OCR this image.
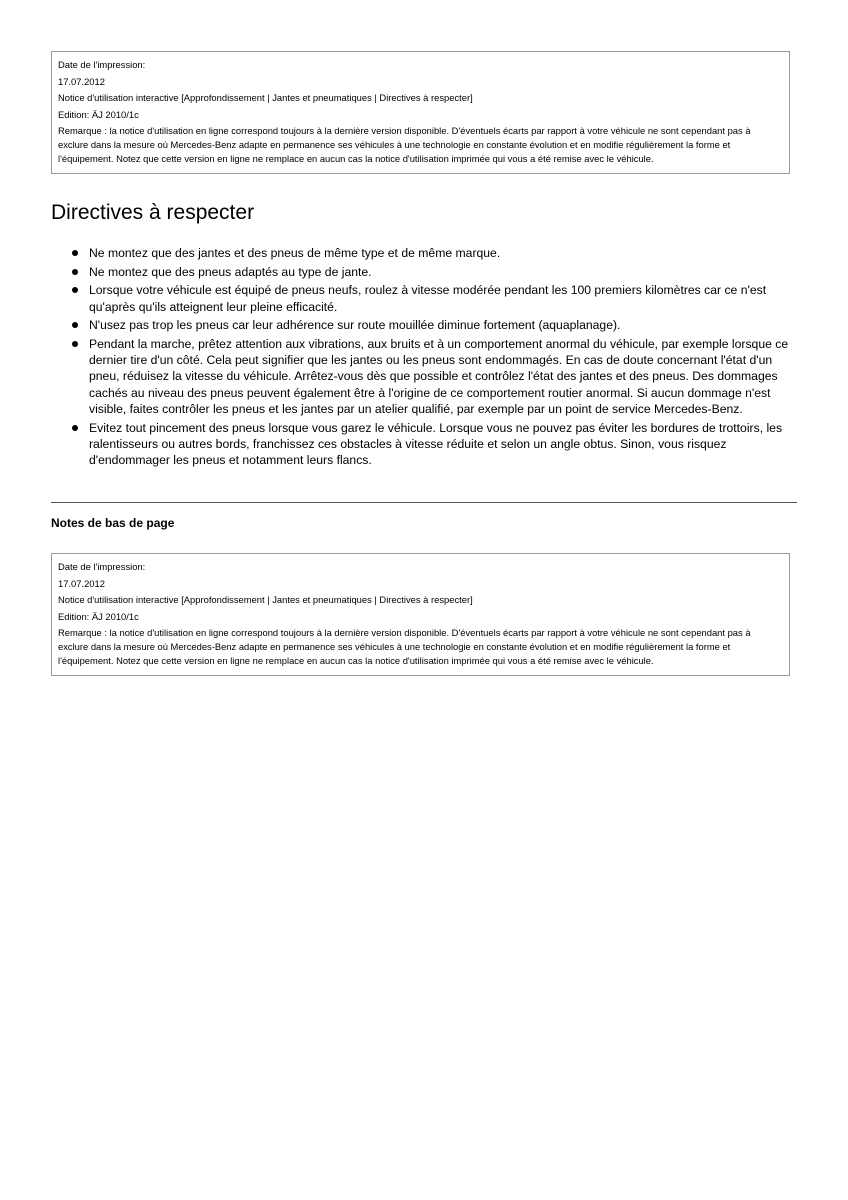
Date de l'impression:
17.07.2012
Notice d'utilisation interactive [Approfondissement | Jantes et pneumatiques | Directives à respecter]
Edition: ÄJ 2010/1c
Remarque : la notice d'utilisation en ligne correspond toujours à la dernière version disponible. D'éventuels écarts par rapport à votre véhicule ne sont cependant pas à exclure dans la mesure où Mercedes-Benz adapte en permanence ses véhicules à une technologie en constante évolution et en modifie régulièrement la forme et l'équipement. Notez que cette version en ligne ne remplace en aucun cas la notice d'utilisation imprimée qui vous a été remise avec le véhicule.
Directives à respecter
Ne montez que des jantes et des pneus de même type et de même marque.
Ne montez que des pneus adaptés au type de jante.
Lorsque votre véhicule est équipé de pneus neufs, roulez à vitesse modérée pendant les 100 premiers kilomètres car ce n'est qu'après qu'ils atteignent leur pleine efficacité.
N'usez pas trop les pneus car leur adhérence sur route mouillée diminue fortement (aquaplanage).
Pendant la marche, prêtez attention aux vibrations, aux bruits et à un comportement anormal du véhicule, par exemple lorsque ce dernier tire d'un côté. Cela peut signifier que les jantes ou les pneus sont endommagés. En cas de doute concernant l'état d'un pneu, réduisez la vitesse du véhicule. Arrêtez-vous dès que possible et contrôlez l'état des jantes et des pneus. Des dommages cachés au niveau des pneus peuvent également être à l'origine de ce comportement routier anormal. Si aucun dommage n'est visible, faites contrôler les pneus et les jantes par un atelier qualifié, par exemple par un point de service Mercedes-Benz.
Evitez tout pincement des pneus lorsque vous garez le véhicule. Lorsque vous ne pouvez pas éviter les bordures de trottoirs, les ralentisseurs ou autres bords, franchissez ces obstacles à vitesse réduite et selon un angle obtus. Sinon, vous risquez d'endommager les pneus et notamment leurs flancs.
Notes de bas de page
Date de l'impression:
17.07.2012
Notice d'utilisation interactive [Approfondissement | Jantes et pneumatiques | Directives à respecter]
Edition: ÄJ 2010/1c
Remarque : la notice d'utilisation en ligne correspond toujours à la dernière version disponible. D'éventuels écarts par rapport à votre véhicule ne sont cependant pas à exclure dans la mesure où Mercedes-Benz adapte en permanence ses véhicules à une technologie en constante évolution et en modifie régulièrement la forme et l'équipement. Notez que cette version en ligne ne remplace en aucun cas la notice d'utilisation imprimée qui vous a été remise avec le véhicule.
